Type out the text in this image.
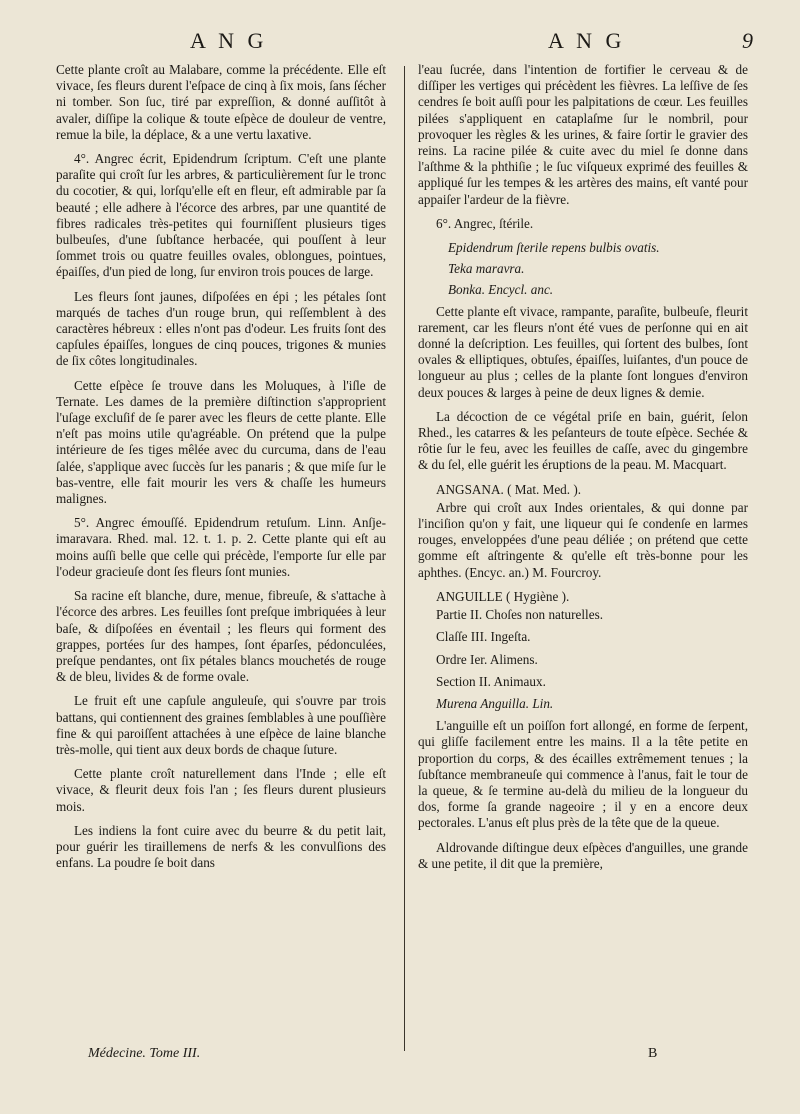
A N G	A N G	9

Cette plante croît au Malabare, comme la précédente. Elle eſt vivace, ſes fleurs durent l'eſpace de cinq à ſix mois, ſans ſécher ni tomber. Son ſuc, tiré par expreſſion, & donné auſſitôt à avaler, diſſipe la colique & toute eſpèce de douleur de ventre, remue la bile, la déplace, & a une vertu laxative.

4°. Angrec écrit, Epidendrum ſcriptum. C'eſt une plante paraſite qui croît ſur les arbres, & particulièrement ſur le tronc du cocotier, & qui, lorſqu'elle eſt en fleur, eſt admirable par ſa beauté ; elle adhere à l'écorce des arbres, par une quantité de fibres radicales très-petites qui fourniſſent plusieurs tiges bulbeuſes, d'une ſubſtance herbacée, qui pouſſent à leur ſommet trois ou quatre feuilles ovales, oblongues, pointues, épaiſſes, d'un pied de long, ſur environ trois pouces de large.

Les fleurs ſont jaunes, diſpoſées en épi ; les pétales ſont marqués de taches d'un rouge brun, qui reſſemblent à des caractères hébreux : elles n'ont pas d'odeur. Les fruits ſont des capſules épaiſſes, longues de cinq pouces, trigones & munies de ſix côtes longitudinales.

Cette eſpèce ſe trouve dans les Moluques, à l'iſle de Ternate. Les dames de la première diſtinction s'approprient l'uſage excluſif de ſe parer avec les fleurs de cette plante. Elle n'eſt pas moins utile qu'agréable. On prétend que la pulpe intérieure de ſes tiges mêlée avec du curcuma, dans de l'eau ſalée, s'applique avec ſuccès ſur les panaris ; & que miſe ſur le bas-ventre, elle fait mourir les vers & chaſſe les humeurs malignes.

5°. Angrec émouſſé. Epidendrum retuſum. Linn. Anſje-imaravara. Rhed. mal. 12. t. 1. p. 2. Cette plante qui eſt au moins auſſi belle que celle qui précède, l'emporte ſur elle par l'odeur gracieuſe dont ſes fleurs ſont munies.

Sa racine eſt blanche, dure, menue, fibreuſe, & s'attache à l'écorce des arbres. Les feuilles ſont preſque imbriquées à leur baſe, & diſpoſées en éventail ; les fleurs qui forment des grappes, portées ſur des hampes, ſont éparſes, pédonculées, preſque pendantes, ont ſix pétales blancs mouchetés de rouge & de bleu, livides & de forme ovale.

Le fruit eſt une capſule anguleuſe, qui s'ouvre par trois battans, qui contiennent des graines ſemblables à une pouſſière fine & qui paroiſſent attachées à une eſpèce de laine blanche très-molle, qui tient aux deux bords de chaque ſuture.

Cette plante croît naturellement dans l'Inde ; elle eſt vivace, & fleurit deux fois l'an ; ſes fleurs durent plusieurs mois.

Les indiens la font cuire avec du beurre & du petit lait, pour guérir les tiraillemens de nerfs & les convulſions des enfans. La poudre ſe boit dans

l'eau ſucrée, dans l'intention de fortifier le cerveau & de diſſiper les vertiges qui précèdent les fièvres. La leſſive de ſes cendres ſe boit auſſi pour les palpitations de cœur. Les feuilles pilées s'appliquent en cataplaſme ſur le nombril, pour provoquer les règles & les urines, & faire ſortir le gravier des reins. La racine pilée & cuite avec du miel ſe donne dans l'aſthme & la phthiſie ; le ſuc viſqueux exprimé des feuilles & appliqué ſur les tempes & les artères des mains, eſt vanté pour appaiſer l'ardeur de la fièvre.

6°. Angrec, ſtérile.

Epidendrum ſterile repens bulbis ovatis.

Teka maravra.

Bonka. Encycl. anc.

Cette plante eſt vivace, rampante, paraſite, bulbeuſe, fleurit rarement, car les fleurs n'ont été vues de perſonne qui en ait donné la deſcription. Les feuilles, qui ſortent des bulbes, ſont ovales & elliptiques, obtuſes, épaiſſes, luiſantes, d'un pouce de longueur au plus ; celles de la plante ſont longues d'environ deux pouces & larges à peine de deux lignes & demie.

La décoction de ce végétal priſe en bain, guérit, ſelon Rhed., les catarres & les peſanteurs de toute eſpèce. Sechée & rôtie ſur le feu, avec les feuilles de caſſe, avec du gingembre & du ſel, elle guérit les éruptions de la peau. M. Macquart.

ANGSANA. ( Mat. Med. ).

Arbre qui croît aux Indes orientales, & qui donne par l'inciſion qu'on y fait, une liqueur qui ſe condenſe en larmes rouges, enveloppées d'une peau déliée ; on prétend que cette gomme eſt aſtringente & qu'elle eſt très-bonne pour les aphthes. (Encyc. an.) M. Fourcroy.

ANGUILLE ( Hygiène ).

Partie II. Choſes non naturelles.

Claſſe III. Ingeſta.

Ordre Ier. Alimens.

Section II. Animaux.

Murena Anguilla. Lin.

L'anguille eſt un poiſſon fort allongé, en forme de ſerpent, qui gliſſe facilement entre les mains. Il a la tête petite en proportion du corps, & des écailles extrêmement tenues ; la ſubſtance membraneuſe qui commence à l'anus, fait le tour de la queue, & ſe termine au-delà du milieu de la longueur du dos, forme ſa grande nageoire ; il y en a encore deux pectorales. L'anus eſt plus près de la tête que de la queue.

Aldrovande diſtingue deux eſpèces d'anguilles, une grande & une petite, il dit que la première,

Médecine. Tome III.	B
